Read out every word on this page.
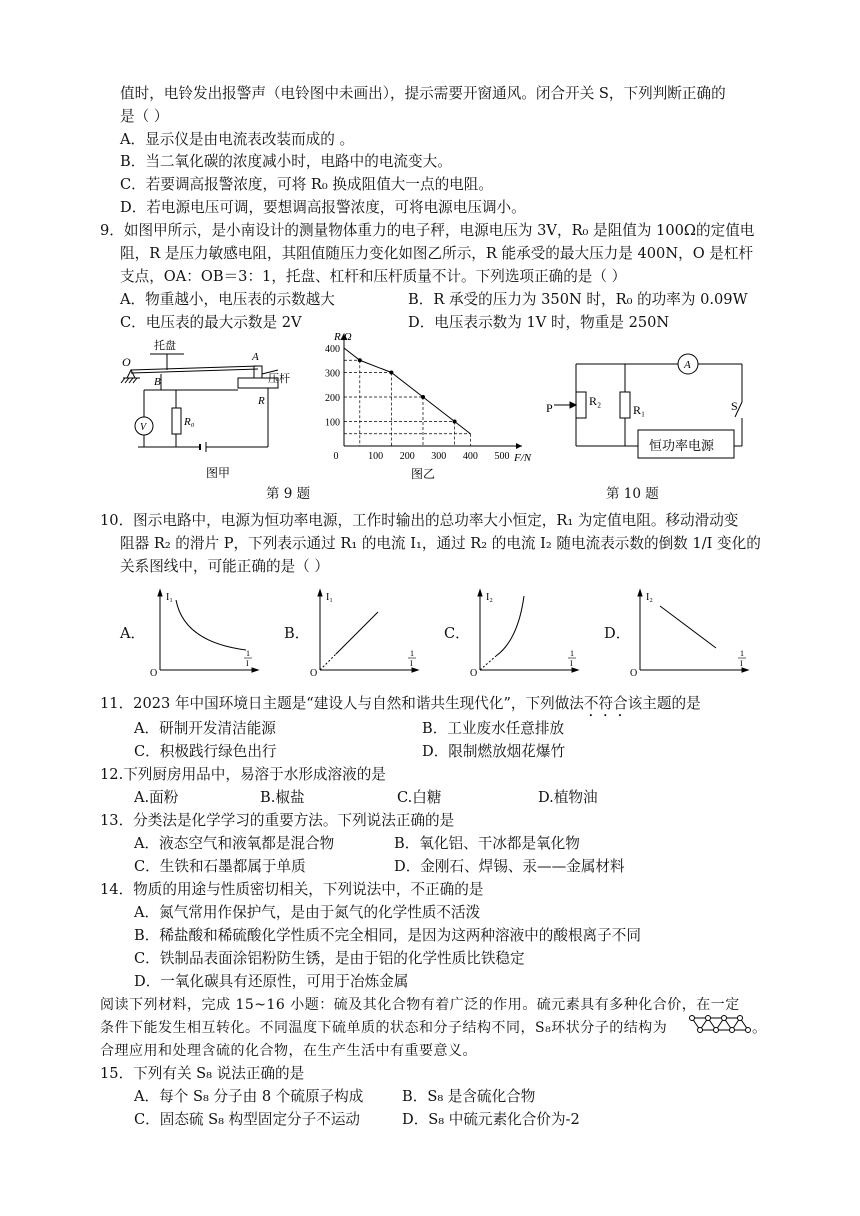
值时，电铃发出报警声（电铃图中未画出），提示需要开窗通风。闭合开关 S，下列判断正确的
是（ ）
A．显示仪是由电流表改装而成的 。
B．当二氧化碳的浓度减小时，电路中的电流变大。
C．若要调高报警浓度，可将 R₀ 换成阻值大一点的电阻。
D．若电源电压可调，要想调高报警浓度，可将电源电压调小。
9．如图甲所示，是小南设计的测量物体重力的电子秤，电源电压为 3V，R₀ 是阻值为 100Ω的定值电
阻，R 是压力敏感电阻，其阻值随压力变化如图乙所示，R 能承受的最大压力是 400N，O 是杠杆
支点，OA：OB＝3：1，托盘、杠杆和压杆质量不计。下列选项正确的是（ ）
A．物重越小，电压表的示数越大	B．R 承受的压力为 350N 时，R₀ 的功率为 0.09W
C．电压表的最大示数是 2V	D．电压表示数为 1V 时，物重是 250N
O
托盘
A
B	压杆
R
R₀
V
图甲
400
300
200
100
0	100 200 300 400 500
R/Ω
F/N
图乙
A
P	R₂
R₁	S
恒功率电源
第 9 题	第 10 题
10．图示电路中，电源为恒功率电源，工作时输出的总功率大小恒定，R₁ 为定值电阻。移动滑动变
阻器 R₂ 的滑片 P，下列表示通过 R₁ 的电流 I₁，通过 R₂ 的电流 I₂ 随电流表示数的倒数 1/I 变化的
关系图线中，可能正确的是（ ）
A．
O
I₁
1
I
B．
O
I₁
1
I
C．
O
I₂
1
I
D．
O
I₂
1
I
11．2023 年中国环境日主题是“建设人与自然和谐共生现代化”，下列做法不符合该主题的是
A．研制开发清洁能源	B．工业废水任意排放
C．积极践行绿色出行	D．限制燃放烟花爆竹
12.下列厨房用品中，易溶于水形成溶液的是
A.面粉	B.椒盐	C.白糖	D.植物油
13．分类法是化学学习的重要方法。下列说法正确的是
A．液态空气和液氧都是混合物	B．氧化铝、干冰都是氧化物
C．生铁和石墨都属于单质	D．金刚石、焊锡、汞——金属材料
14．物质的用途与性质密切相关，下列说法中，不正确的是
A．氮气常用作保护气，是由于氮气的化学性质不活泼
B．稀盐酸和稀硫酸化学性质不完全相同，是因为这两种溶液中的酸根离子不同
C．铁制品表面涂铝粉防生锈，是由于铝的化学性质比铁稳定
D．一氧化碳具有还原性，可用于冶炼金属
阅读下列材料，完成 15~16 小题：硫及其化合物有着广泛的作用。硫元素具有多种化合价，在一定
条件下能发生相互转化。不同温度下硫单质的状态和分子结构不同，S₈环状分子的结构为	。
合理应用和处理含硫的化合物，在生产生活中有重要意义。
15．下列有关 S₈ 说法正确的是
A．每个 S₈ 分子由 8 个硫原子构成	B．S₈ 是含硫化合物
C．固态硫 S₈ 构型固定分子不运动	D．S₈ 中硫元素化合价为-2
